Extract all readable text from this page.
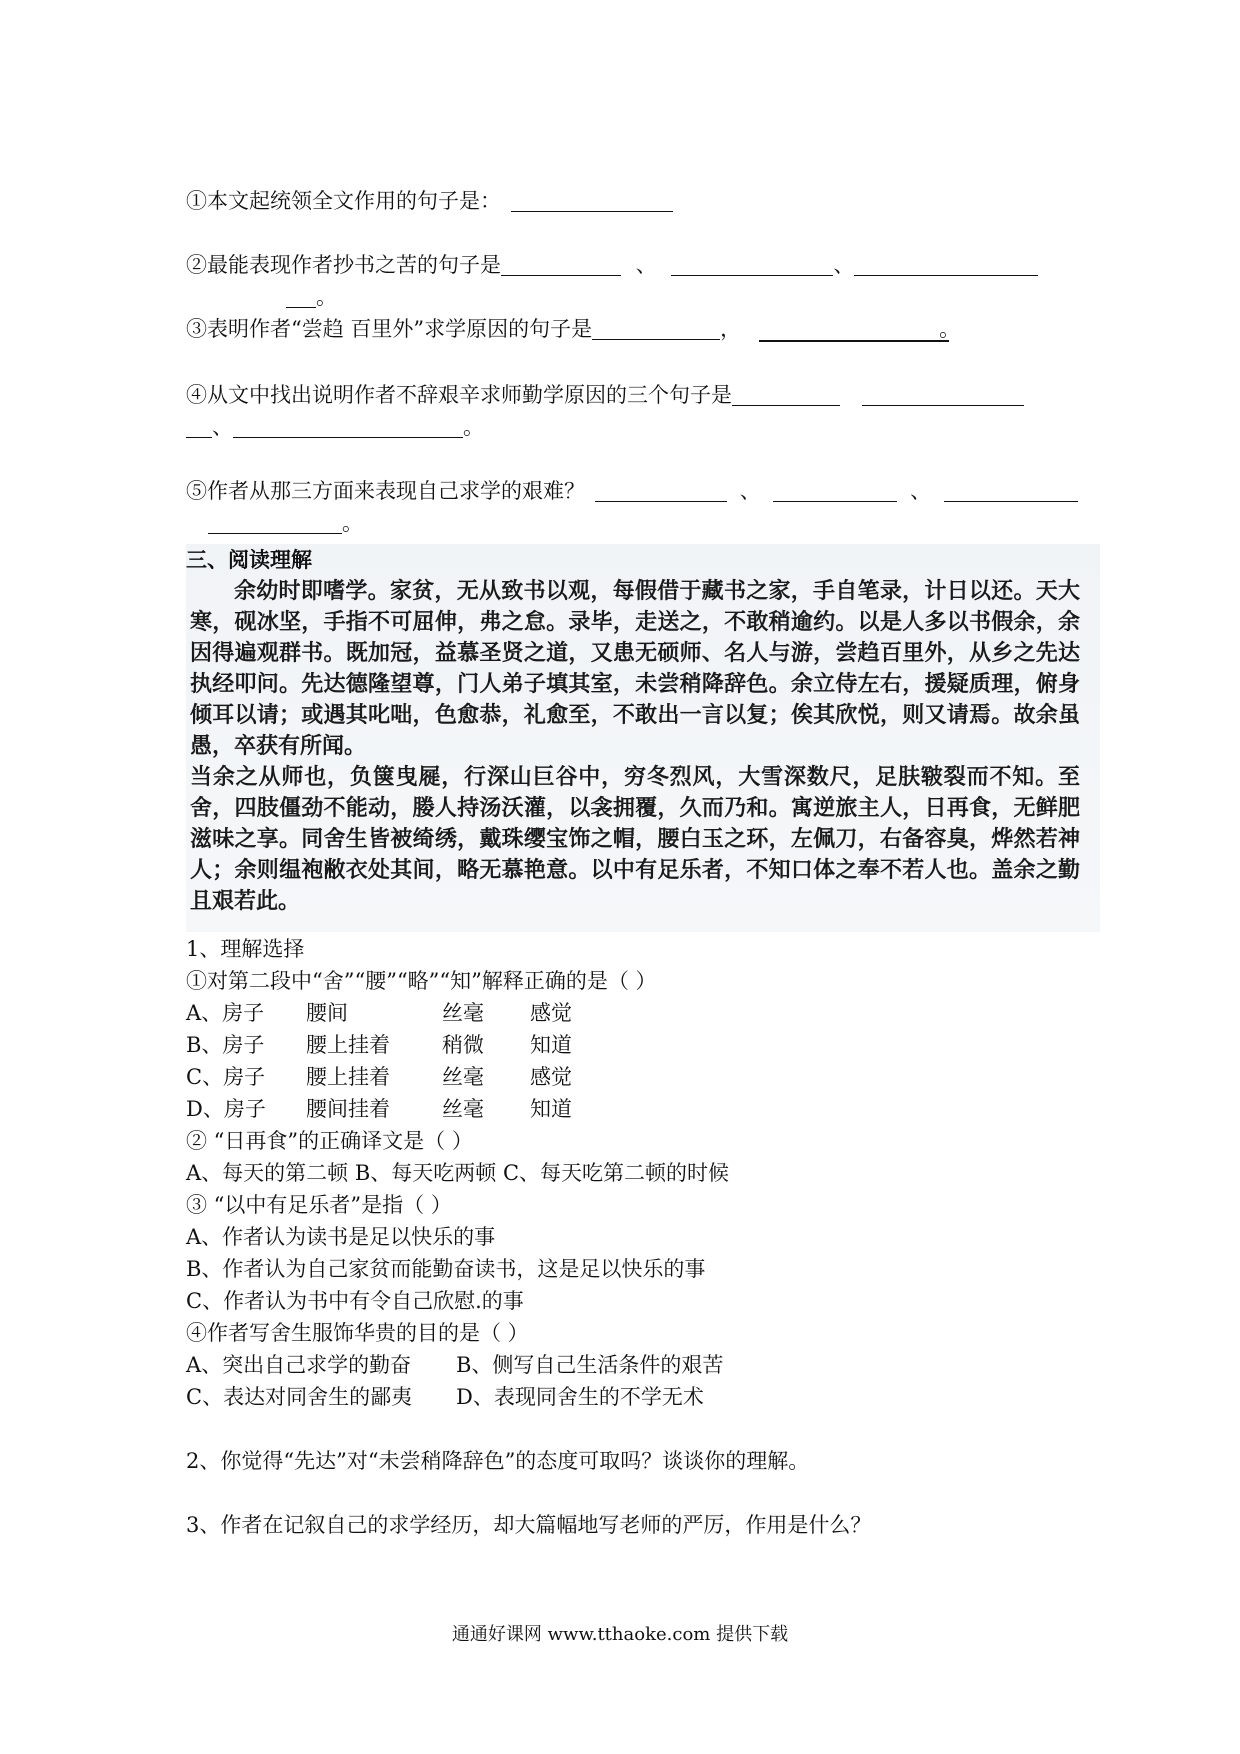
①本文起统领全文作用的句子是：
②最能表现作者抄书之苦的句子是	、	、
。
③表明作者“尝趋 百里外”求学原因的句子是	，	。
④从文中找出说明作者不辞艰辛求师勤学原因的三个句子是
、	。
⑤作者从那三方面来表现自己求学的艰难？	、	、
。
三、阅读理解

余幼时即嗜学。家贫，无从致书以观，每假借于藏书之家，手自笔录，计日以还。天大寒，砚冰坚，手指不可屈伸，弗之怠。录毕，走送之，不敢稍逾约。以是人多以书假余，余因得遍观群书。既加冠，益慕圣贤之道，又患无硕师、名人与游，尝趋百里外，从乡之先达执经叩问。先达德隆望尊，门人弟子填其室，未尝稍降辞色。余立侍左右，援疑质理，俯身倾耳以请；或遇其叱咄，色愈恭，礼愈至，不敢出一言以复；俟其欣悦，则又请焉。故余虽愚，卒获有所闻。

当余之从师也，负箧曳屣，行深山巨谷中，穷冬烈风，大雪深数尺，足肤皲裂而不知。至舍，四肢僵劲不能动，媵人持汤沃灌，以衾拥覆，久而乃和。寓逆旅主人，日再食，无鲜肥滋味之享。同舍生皆被绮绣，戴珠缨宝饰之帽，腰白玉之环，左佩刀，右备容臭，烨然若神人；余则缊袍敝衣处其间，略无慕艳意。以中有足乐者，不知口体之奉不若人也。盖余之勤且艰若此。

1、理解选择
①对第二段中“舍”“腰”“略”“知”解释正确的是（ ）
A、房子 腰间	丝毫 感觉
B、房子 腰上挂着 稍微 知道
C、房子 腰上挂着 丝毫 感觉
D、房子 腰间挂着 丝毫 知道
② “日再食”的正确译文是（ ）
A、每天的第二顿 B、每天吃两顿 C、每天吃第二顿的时候
③ “以中有足乐者”是指（ ）
A、作者认为读书是足以快乐的事
B、作者认为自己家贫而能勤奋读书，这是足以快乐的事
C、作者认为书中有令自己欣慰.的事
④作者写舍生服饰华贵的目的是（ ）
A、突出自己求学的勤奋 B、侧写自己生活条件的艰苦
C、表达对同舍生的鄙夷 D、表现同舍生的不学无术
2、你觉得“先达”对“未尝稍降辞色”的态度可取吗？谈谈你的理解。
3、作者在记叙自己的求学经历，却大篇幅地写老师的严厉，作用是什么？
通通好课网 www.tthaoke.com 提供下载
